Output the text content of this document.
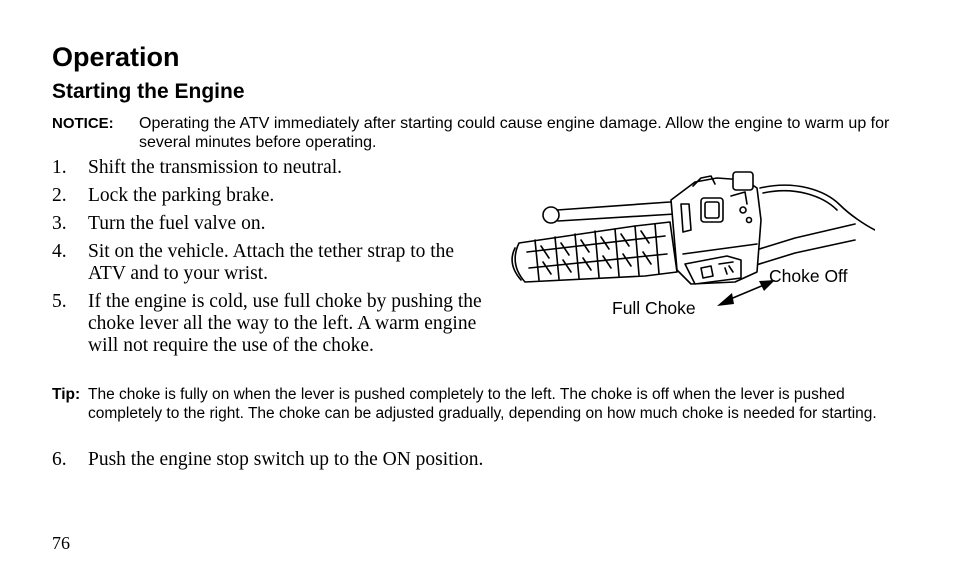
Operation
Starting the Engine
NOTICE: Operating the ATV immediately after starting could cause engine damage. Allow the engine to warm up for several minutes before operating.
1. Shift the transmission to neutral.
2. Lock the parking brake.
3. Turn the fuel valve on.
4. Sit on the vehicle. Attach the tether strap to the ATV and to your wrist.
5. If the engine is cold, use full choke by pushing the choke lever all the way to the left. A warm engine will not require the use of the choke.
Choke Off
Full Choke
Tip: The choke is fully on when the lever is pushed completely to the left. The choke is off when the lever is pushed completely to the right. The choke can be adjusted gradually, depending on how much choke is needed for starting.
6. Push the engine stop switch up to the ON position.
76
